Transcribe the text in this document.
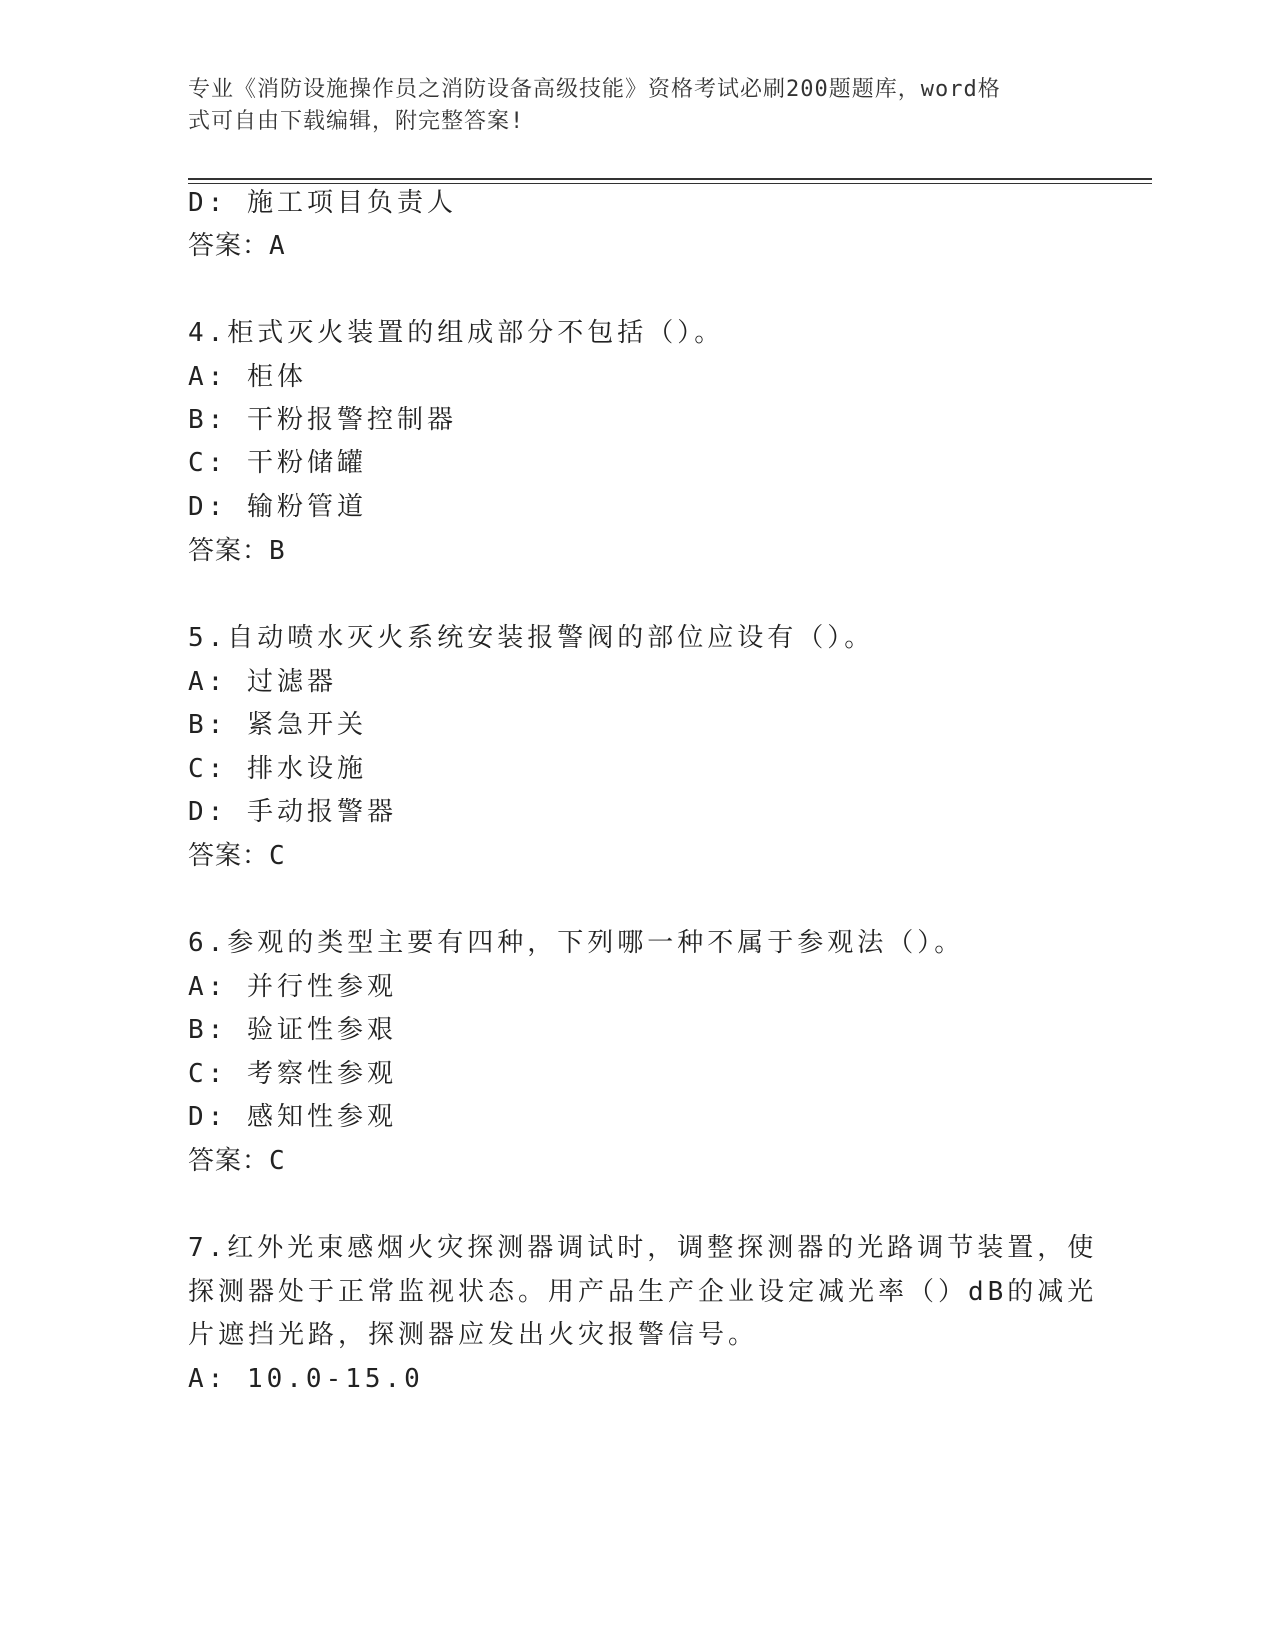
专业《消防设施操作员之消防设备高级技能》资格考试必刷200题题库，word格
式可自由下载编辑，附完整答案!
D: 施工项目负责人
答案：A
4.柜式灭火装置的组成部分不包括（）。
A: 柜体
B: 干粉报警控制器
C: 干粉储罐
D: 输粉管道
答案：B
5.自动喷水灭火系统安装报警阀的部位应设有（）。
A: 过滤器
B: 紧急开关
C: 排水设施
D: 手动报警器
答案：C
6.参观的类型主要有四种，下列哪一种不属于参观法（）。
A: 并行性参观
B: 验证性参艰
C: 考察性参观
D: 感知性参观
答案：C
7.红外光束感烟火灾探测器调试时，调整探测器的光路调节装置，使
探测器处于正常监视状态。用产品生产企业设定减光率（）dB的减光
片遮挡光路，探测器应发出火灾报警信号。
A: 10.0-15.0
